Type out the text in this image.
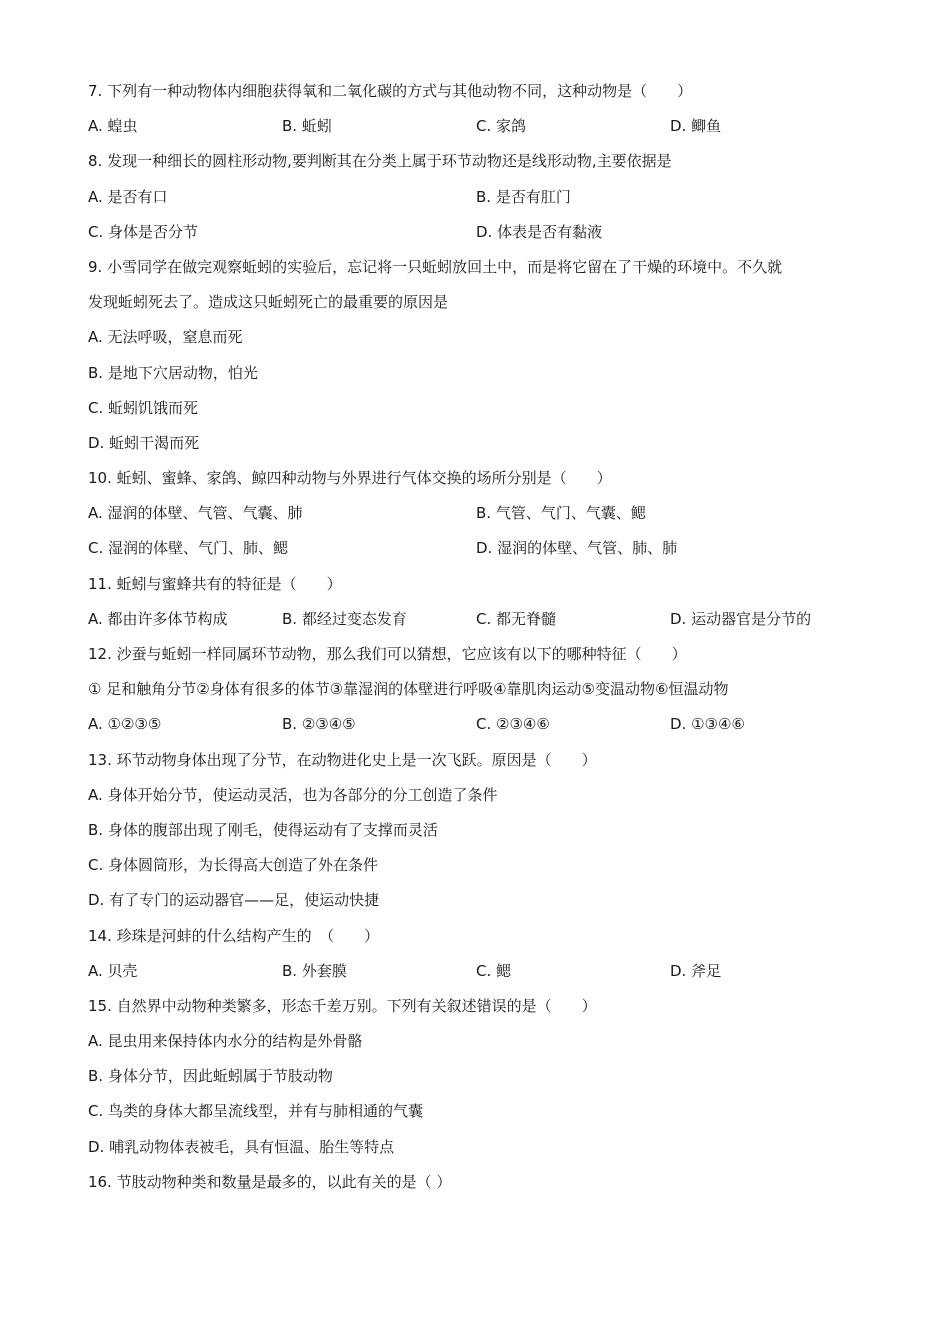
7. 下列有一种动物体内细胞获得氧和二氧化碳的方式与其他动物不同，这种动物是（　　）
A. 蝗虫	B. 蚯蚓	C. 家鸽	D. 鲫鱼
8. 发现一种细长的圆柱形动物,要判断其在分类上属于环节动物还是线形动物,主要依据是
A. 是否有口	B. 是否有肛门
C. 身体是否分节	D. 体表是否有黏液
9. 小雪同学在做完观察蚯蚓的实验后，忘记将一只蚯蚓放回土中，而是将它留在了干燥的环境中。不久就
发现蚯蚓死去了。造成这只蚯蚓死亡的最重要的原因是
A. 无法呼吸，窒息而死
B. 是地下穴居动物，怕光
C. 蚯蚓饥饿而死
D. 蚯蚓干渴而死
10. 蚯蚓、蜜蜂、家鸽、鲸四种动物与外界进行气体交换的场所分别是（　　）
A. 湿润的体壁、气管、气囊、肺	B. 气管、气门、气囊、鳃
C. 湿润的体壁、气门、肺、鳃	D. 湿润的体壁、气管、肺、肺
11. 蚯蚓与蜜蜂共有的特征是（　　）
A. 都由许多体节构成	B. 都经过变态发育	C. 都无脊髓	D. 运动器官是分节的
12. 沙蚕与蚯蚓一样同属环节动物，那么我们可以猜想，它应该有以下的哪种特征（　　）
① 足和触角分节②身体有很多的体节③靠湿润的体壁进行呼吸④靠肌肉运动⑤变温动物⑥恒温动物
A. ①②③⑤	B. ②③④⑤	C. ②③④⑥	D. ①③④⑥
13. 环节动物身体出现了分节，在动物进化史上是一次飞跃。原因是（　　）
A. 身体开始分节，使运动灵活，也为各部分的分工创造了条件
B. 身体的腹部出现了刚毛，使得运动有了支撑而灵活
C. 身体圆筒形，为长得高大创造了外在条件
D. 有了专门的运动器官——足，使运动快捷
14. 珍珠是河蚌的什么结构产生的　（　　）
A. 贝壳	B. 外套膜	C. 鳃	D. 斧足
15. 自然界中动物种类繁多，形态千差万别。下列有关叙述错误的是（　　）
A. 昆虫用来保持体内水分的结构是外骨骼
B. 身体分节，因此蚯蚓属于节肢动物
C. 鸟类的身体大都呈流线型，并有与肺相通的气囊
D. 哺乳动物体表被毛，具有恒温、胎生等特点
16. 节肢动物种类和数量是最多的，以此有关的是（ ）
